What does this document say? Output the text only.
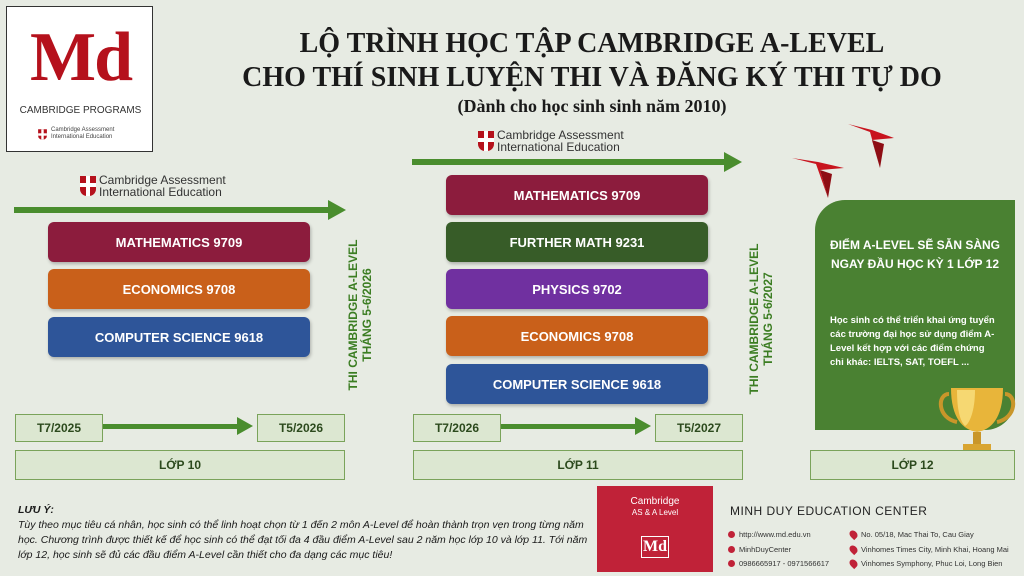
Md
CAMBRIDGE PROGRAMS
Cambridge Assessment
International Education
LỘ TRÌNH HỌC TẬP CAMBRIDGE A-LEVEL
CHO THÍ SINH LUYỆN THI VÀ ĐĂNG KÝ THI TỰ DO
(Dành cho học sinh sinh năm 2010)
Cambridge Assessment
International Education
MATHEMATICS 9709
ECONOMICS 9708
COMPUTER SCIENCE 9618	THI CAMBRIDGE A-LEVEL THÁNG 5-6/2026
T7/2025	T5/2026
LỚP 10
Cambridge Assessment
International Education
MATHEMATICS 9709
FURTHER MATH 9231
PHYSICS 9702
ECONOMICS 9708
COMPUTER SCIENCE 9618	THI CAMBRIDGE A-LEVEL THÁNG 5-6/2027
T7/2026	T5/2027
LỚP 11
ĐIỂM A-LEVEL SẼ SẴN SÀNG NGAY ĐẦU HỌC KỲ 1 LỚP 12
Học sinh có thể triển khai ứng tuyển các trường đại học sử dụng điểm A-Level kết hợp với các điểm chứng chỉ khác: IELTS, SAT, TOEFL ...
LỚP 12
LƯU Ý:
Tùy theo mục tiêu cá nhân, học sinh có thể linh hoạt chọn từ 1 đến 2 môn A-Level để hoàn thành trọn vẹn trong từng năm học. Chương trình được thiết kế để học sinh có thể đạt tối đa 4 đầu điểm A-Level sau 2 năm học lớp 10 và lớp 11. Tới năm lớp 12, học sinh sẽ đủ các đầu điểm A-Level cần thiết cho đa dạng các mục tiêu!
Cambridge
AS & A Level
Md
MINH DUY EDUCATION CENTER
http://www.md.edu.vn
MinhDuyCenter
0986665917 - 0971566617
No. 05/18, Mac Thai To, Cau Giay
Vinhomes Times City, Minh Khai, Hoang Mai
Vinhomes Symphony, Phuc Loi, Long Bien
